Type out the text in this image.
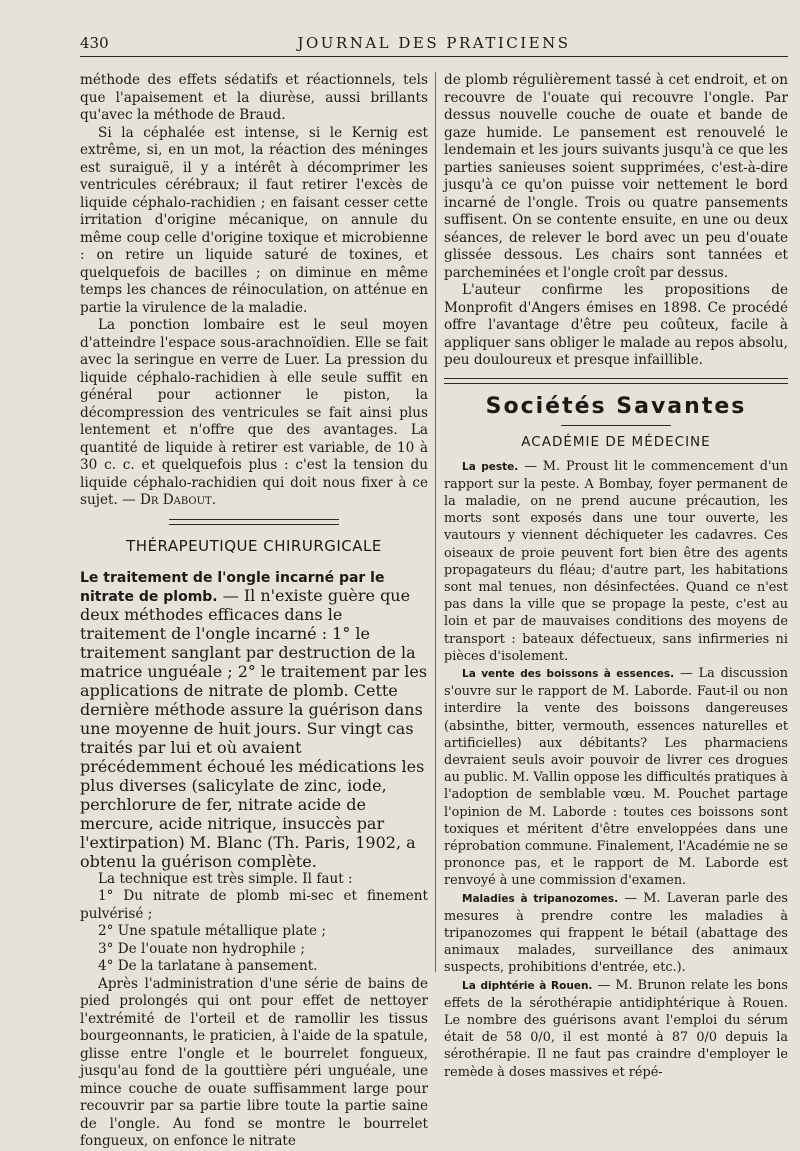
430	JOURNAL DES PRATICIENS

méthode des effets sédatifs et réactionnels, tels que l'apaisement et la diurèse, aussi brillants qu'avec la méthode de Braud.

Si la céphalée est intense, si le Kernig est extrême, si, en un mot, la réaction des méninges est suraiguë, il y a intérêt à décomprimer les ventricules cérébraux; il faut retirer l'excès de liquide céphalo-rachidien ; en faisant cesser cette irritation d'origine mécanique, on annule du même coup celle d'origine toxique et microbienne : on retire un liquide saturé de toxines, et quelquefois de bacilles ; on diminue en même temps les chances de réinoculation, on atténue en partie la virulence de la maladie.

La ponction lombaire est le seul moyen d'atteindre l'espace sous-arachnoïdien. Elle se fait avec la seringue en verre de Luer. La pression du liquide céphalo-rachidien à elle seule suffit en général pour actionner le piston, la décompression des ventricules se fait ainsi plus lentement et n'offre que des avantages. La quantité de liquide à retirer est variable, de 10 à 30 c. c. et quelquefois plus : c'est la tension du liquide céphalo-rachidien qui doit nous fixer à ce sujet. — Dr Dabout.

THÉRAPEUTIQUE CHIRURGICALE

Le traitement de l'ongle incarné par le nitrate de plomb. — Il n'existe guère que deux méthodes efficaces dans le traitement de l'ongle incarné : 1° le traitement sanglant par destruction de la matrice unguéale ; 2° le traitement par les applications de nitrate de plomb. Cette dernière méthode assure la guérison dans une moyenne de huit jours. Sur vingt cas traités par lui et où avaient précédemment échoué les médications les plus diverses (salicylate de zinc, iode, perchlorure de fer, nitrate acide de mercure, acide nitrique, insuccès par l'extirpation) M. Blanc (Th. Paris, 1902, a obtenu la guérison complète.

La technique est très simple. Il faut :

1° Du nitrate de plomb mi-sec et finement pulvérisé ;

2° Une spatule métallique plate ;

3° De l'ouate non hydrophile ;

4° De la tarlatane à pansement.

Après l'administration d'une série de bains de pied prolongés qui ont pour effet de nettoyer l'extrémité de l'orteil et de ramollir les tissus bourgeonnants, le praticien, à l'aide de la spatule, glisse entre l'ongle et le bourrelet fongueux, jusqu'au fond de la gouttière péri unguéale, une mince couche de ouate suffisamment large pour recouvrir par sa partie libre toute la partie saine de l'ongle. Au fond se montre le bourrelet fongueux, on enfonce le nitrate

de plomb régulièrement tassé à cet endroit, et on recouvre de l'ouate qui recouvre l'ongle. Par dessus nouvelle couche de ouate et bande de gaze humide. Le pansement est renouvelé le lendemain et les jours suivants jusqu'à ce que les parties sanieuses soient supprimées, c'est-à-dire jusqu'à ce qu'on puisse voir nettement le bord incarné de l'ongle. Trois ou quatre pansements suffisent. On se contente ensuite, en une ou deux séances, de relever le bord avec un peu d'ouate glissée dessous. Les chairs sont tannées et parcheminées et l'ongle croît par dessus.

L'auteur confirme les propositions de Monprofit d'Angers émises en 1898. Ce procédé offre l'avantage d'être peu coûteux, facile à appliquer sans obliger le malade au repos absolu, peu douloureux et presque infaillible.

Sociétés Savantes
ACADÉMIE DE MÉDECINE

La peste. — M. Proust lit le commencement d'un rapport sur la peste. A Bombay, foyer permanent de la maladie, on ne prend aucune précaution, les morts sont exposés dans une tour ouverte, les vautours y viennent déchiqueter les cadavres. Ces oiseaux de proie peuvent fort bien être des agents propagateurs du fléau; d'autre part, les habitations sont mal tenues, non désinfectées. Quand ce n'est pas dans la ville que se propage la peste, c'est au loin et par de mauvaises conditions des moyens de transport : bateaux défectueux, sans infirmeries ni pièces d'isolement.

La vente des boissons à essences. — La discussion s'ouvre sur le rapport de M. Laborde. Faut-il ou non interdire la vente des boissons dangereuses (absinthe, bitter, vermouth, essences naturelles et artificielles) aux débitants? Les pharmaciens devraient seuls avoir pouvoir de livrer ces drogues au public. M. Vallin oppose les difficultés pratiques à l'adoption de semblable vœu. M. Pouchet partage l'opinion de M. Laborde : toutes ces boissons sont toxiques et méritent d'être enveloppées dans une réprobation commune. Finalement, l'Académie ne se prononce pas, et le rapport de M. Laborde est renvoyé à une commission d'examen.

Maladies à tripanozomes. — M. Laveran parle des mesures à prendre contre les maladies à tripanozomes qui frappent le bétail (abattage des animaux malades, surveillance des animaux suspects, prohibitions d'entrée, etc.).

La diphtérie à Rouen. — M. Brunon relate les bons effets de la sérothérapie antidiphtérique à Rouen. Le nombre des guérisons avant l'emploi du sérum était de 58 0/0, il est monté à 87 0/0 depuis la sérothérapie. Il ne faut pas craindre d'employer le remède à doses massives et répé-
